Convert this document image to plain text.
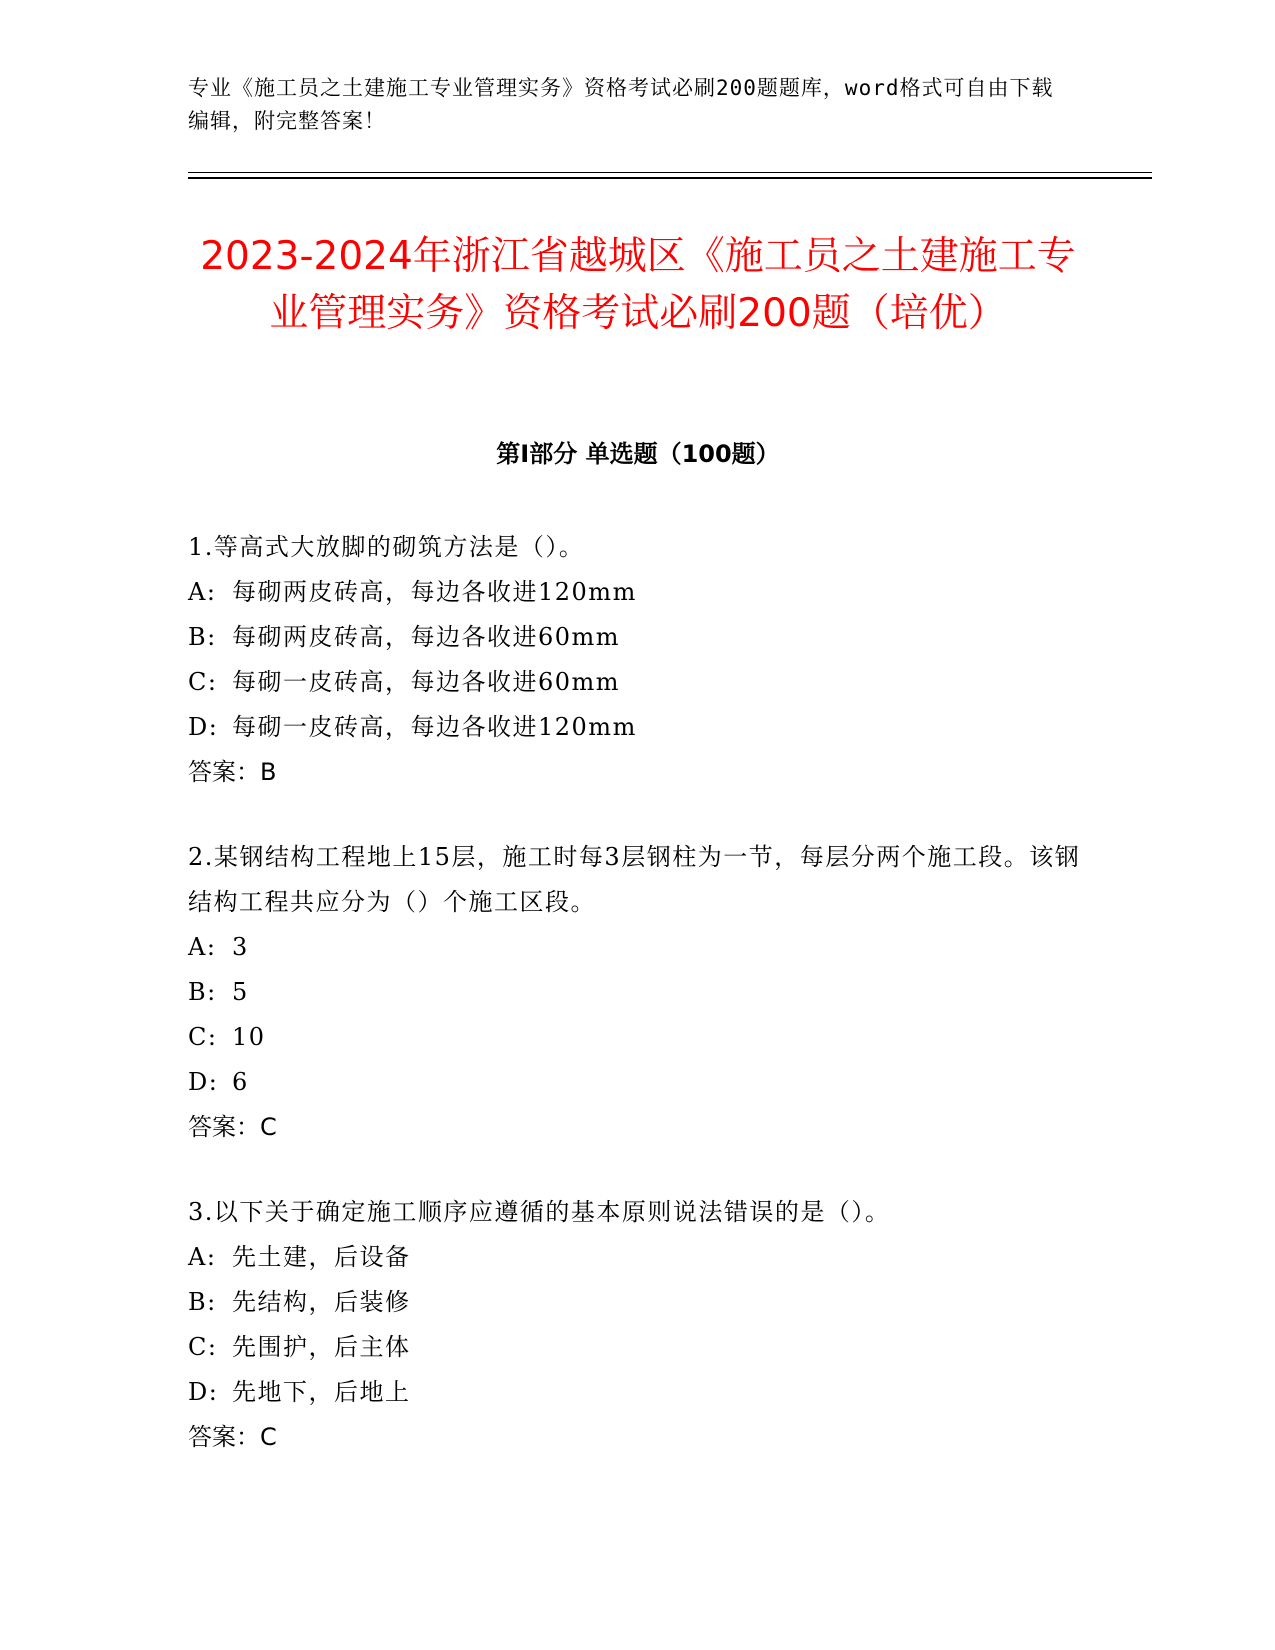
专业《施工员之土建施工专业管理实务》资格考试必刷200题题库，word格式可自由下载编辑，附完整答案！
2023-2024年浙江省越城区《施工员之土建施工专业管理实务》资格考试必刷200题（培优）
第Ⅰ部分 单选题（100题）

1.等高式大放脚的砌筑方法是（）。

A: 每砌两皮砖高，每边各收进120mm

B: 每砌两皮砖高，每边各收进60mm

C: 每砌一皮砖高，每边各收进60mm

D: 每砌一皮砖高，每边各收进120mm

答案：B

2.某钢结构工程地上15层，施工时每3层钢柱为一节，每层分两个施工段。该钢结构工程共应分为（）个施工区段。

A: 3

B: 5

C: 10

D: 6

答案：C

3.以下关于确定施工顺序应遵循的基本原则说法错误的是（）。

A: 先土建，后设备

B: 先结构，后装修

C: 先围护，后主体

D: 先地下，后地上

答案：C
